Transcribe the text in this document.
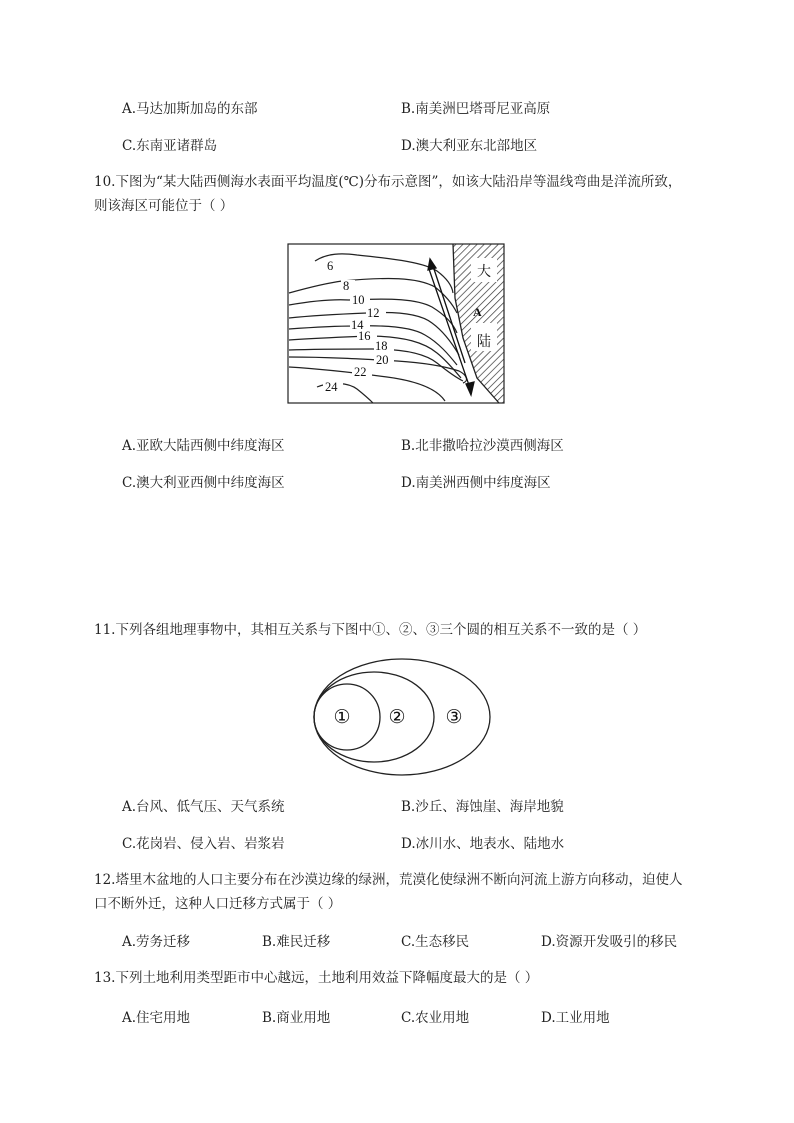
A.马达加斯加岛的东部	B.南美洲巴塔哥尼亚高原
C.东南亚诸群岛	D.澳大利亚东北部地区
10.下图为“某大陆西侧海水表面平均温度(℃)分布示意图”，如该大陆沿岸等温线弯曲是洋流所致，
则该海区可能位于（ ）
大
陆
A
6
8
10
12
14
16
18
20
22
24
A.亚欧大陆西侧中纬度海区	B.北非撒哈拉沙漠西侧海区
C.澳大利亚西侧中纬度海区	D.南美洲西侧中纬度海区
11.下列各组地理事物中，其相互关系与下图中①、②、③三个圆的相互关系不一致的是（ ）
① ② ③
A.台风、低气压、天气系统	B.沙丘、海蚀崖、海岸地貌
C.花岗岩、侵入岩、岩浆岩	D.冰川水、地表水、陆地水
12.塔里木盆地的人口主要分布在沙漠边缘的绿洲，荒漠化使绿洲不断向河流上游方向移动，迫使人
口不断外迁，这种人口迁移方式属于（ ）
A.劳务迁移	B.难民迁移	C.生态移民	D.资源开发吸引的移民
13.下列土地利用类型距市中心越远，土地利用效益下降幅度最大的是（ ）
A.住宅用地	B.商业用地	C.农业用地	D.工业用地
